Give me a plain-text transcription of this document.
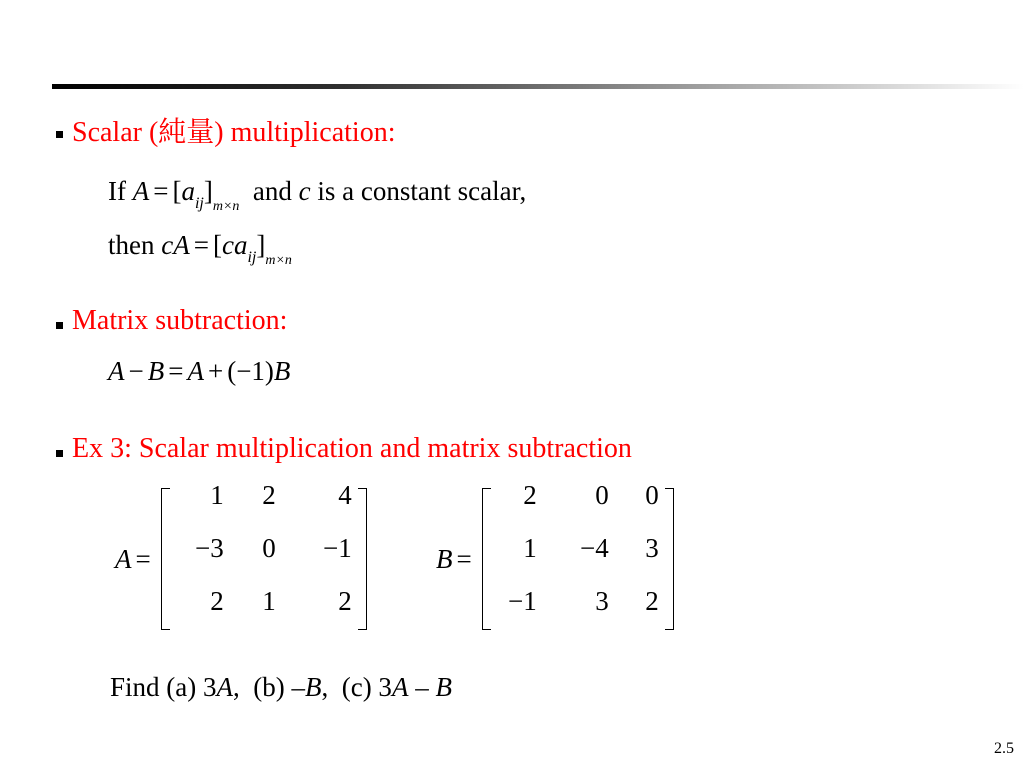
Scalar (純量) multiplication:
If $A = [a_{ij}]_{m\times n}$  and c is a constant scalar,
then cA = $[ca_{ij}]_{m\times n}$
Matrix subtraction:
A − B = A + (−1)B
Ex 3: Scalar multiplication and matrix subtraction
A =
1	2	4
−3	0	−1
2	1	2
B =
2	0	0
1	−4	3
−1	3	2
Find (a) 3A,  (b) –B,  (c) 3A – B
2.5
